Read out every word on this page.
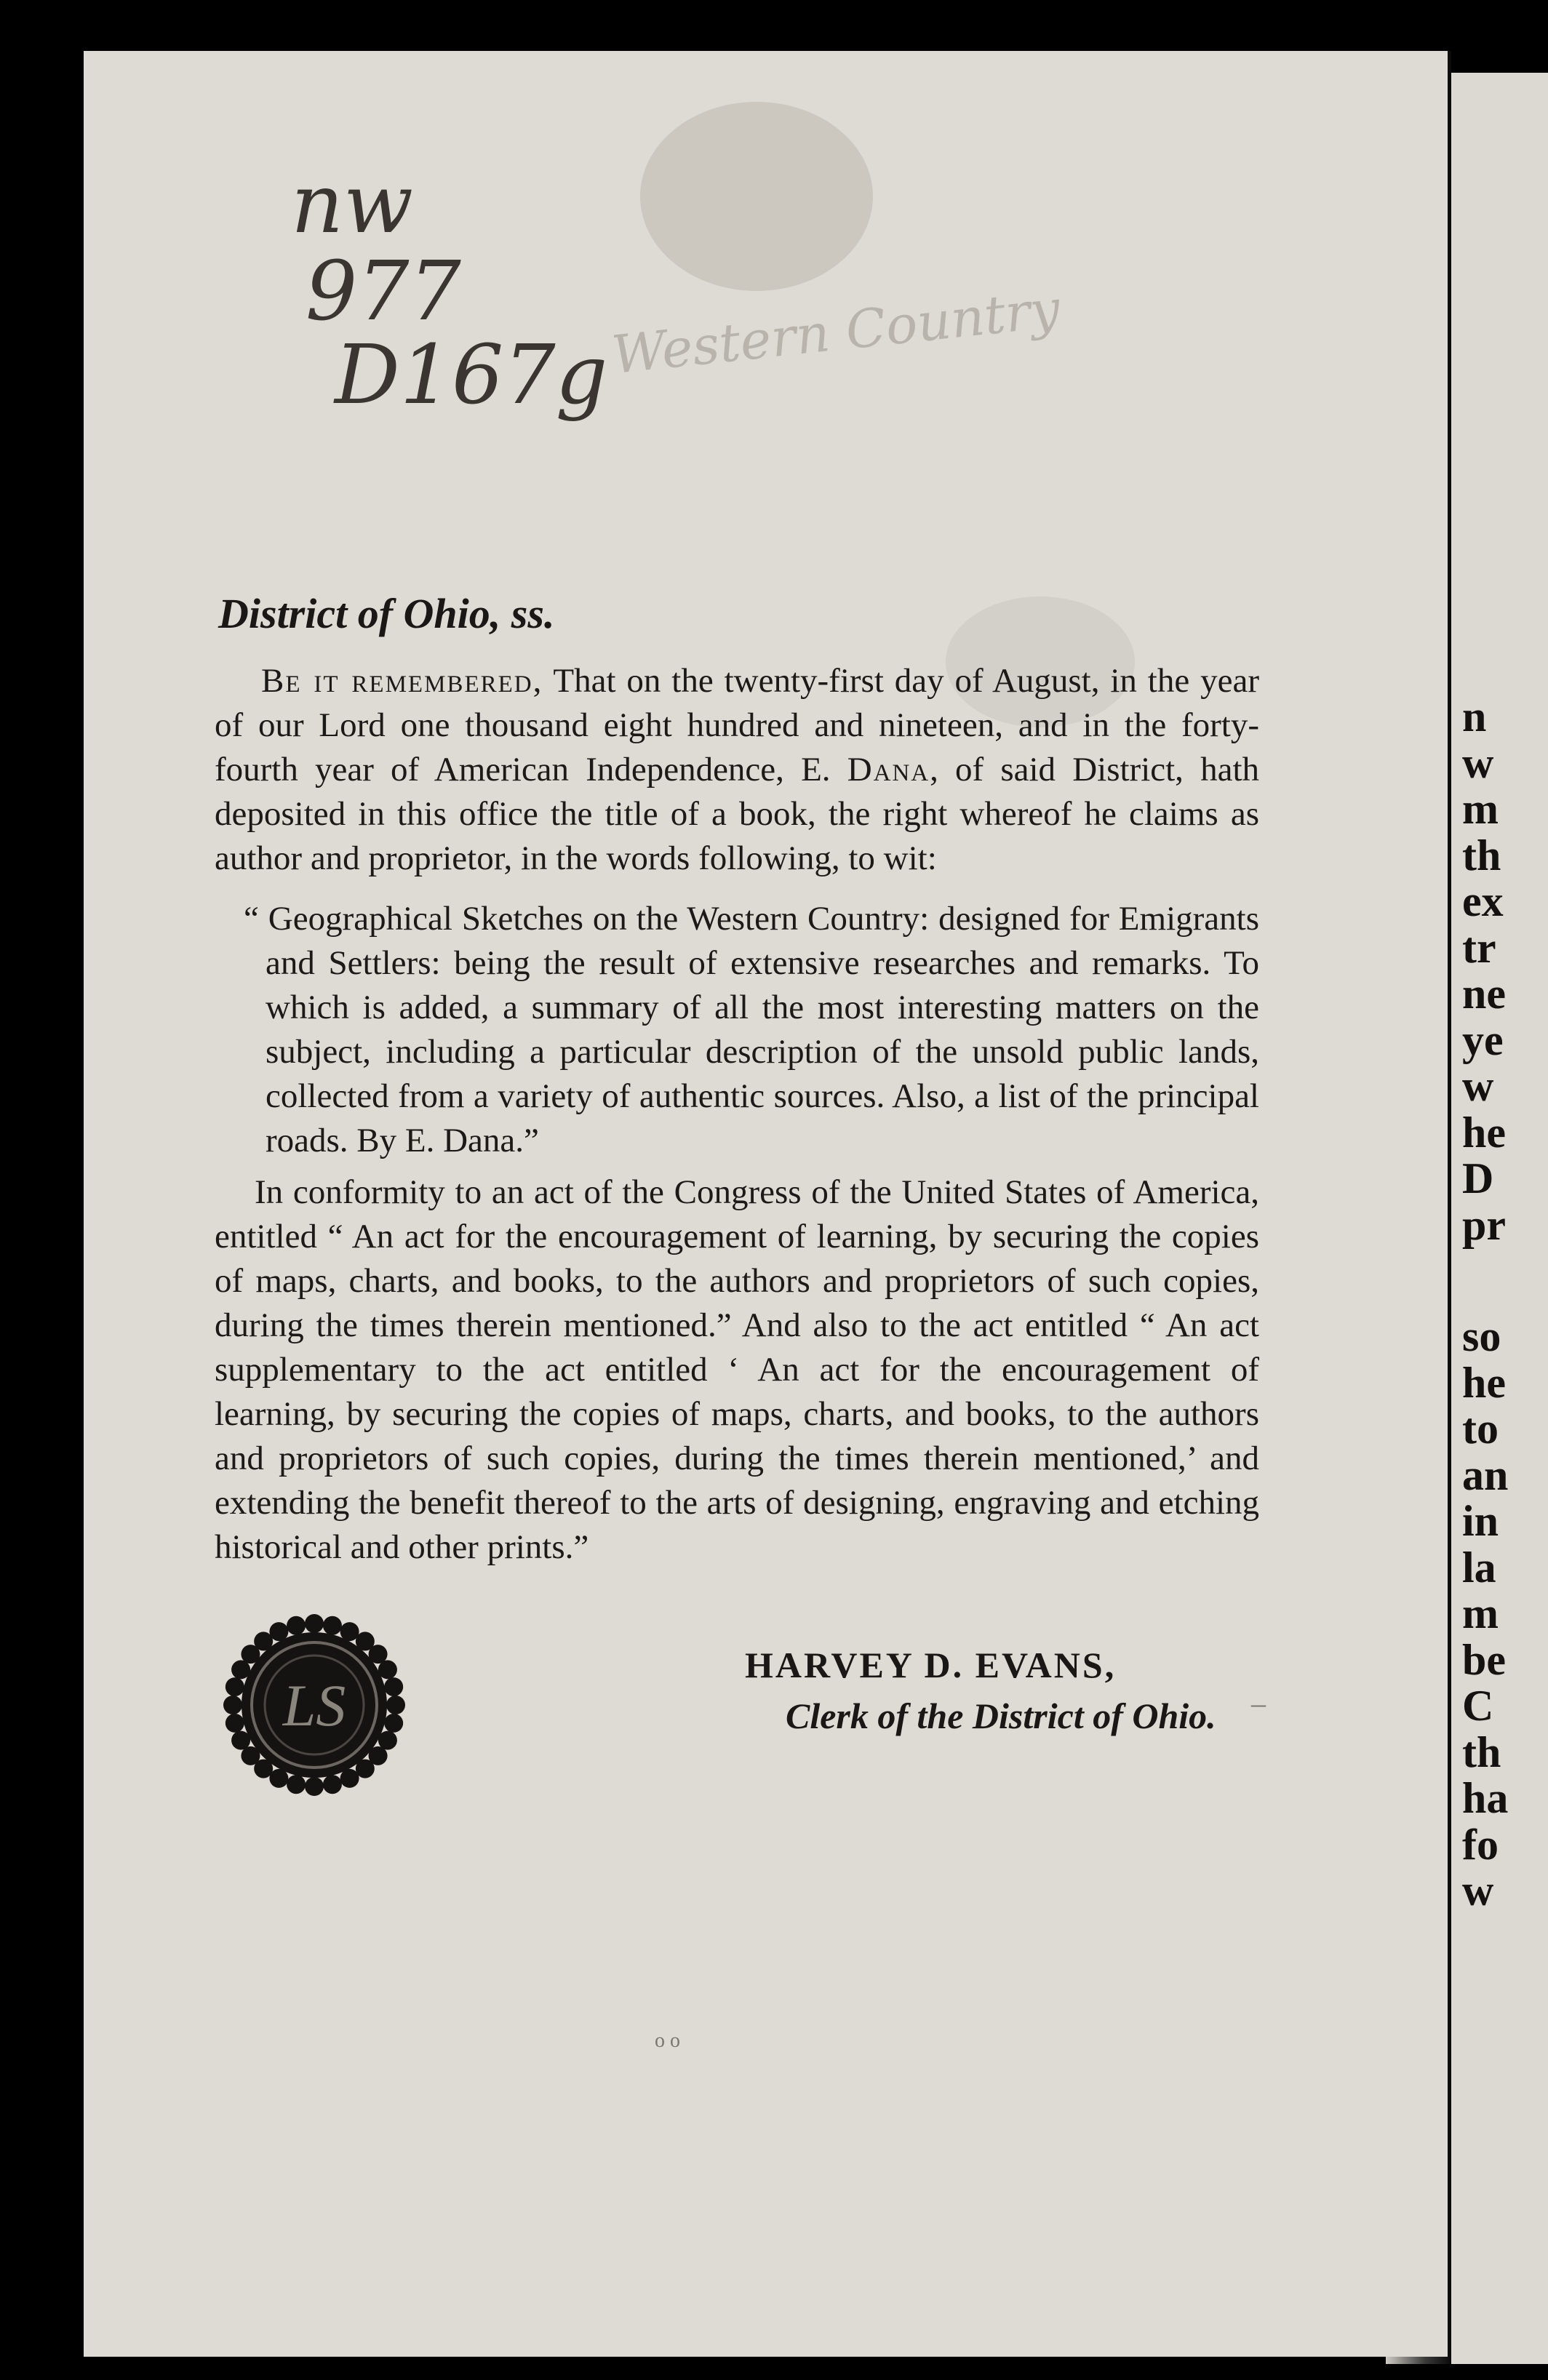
nw
977
D167g Western Country
District of Ohio, ss.

Be it remembered, That on the twenty-first day of August, in the year of our Lord one thousand eight hundred and nineteen, and in the forty-fourth year of American Independence, E. Dana, of said District, hath deposited in this office the title of a book, the right whereof he claims as author and proprietor, in the words following, to wit:

“ Geographical Sketches on the Western Country: designed for Emigrants and Settlers: being the result of extensive researches and remarks. To which is added, a summary of all the most interesting matters on the subject, including a particular description of the unsold public lands, collected from a variety of authentic sources. Also, a list of the principal roads. By E. Dana.”

In conformity to an act of the Congress of the United States of America, entitled “ An act for the encouragement of learning, by securing the copies of maps, charts, and books, to the authors and proprietors of such copies, during the times therein mentioned.” And also to the act entitled “ An act supplementary to the act entitled ‘ An act for the encouragement of learning, by securing the copies of maps, charts, and books, to the authors and proprietors of such copies, during the times therein mentioned,’ and extending the benefit thereof to the arts of designing, engraving and etching historical and other prints.”

LS
HARVEY D. EVANS,
Clerk of the District of Ohio. –
o o
n
w
m
th
ex
tr
ne
ye
w
he
D
pr
so
he
to
an
in
la
m
be
C
th
ha
fo
w
